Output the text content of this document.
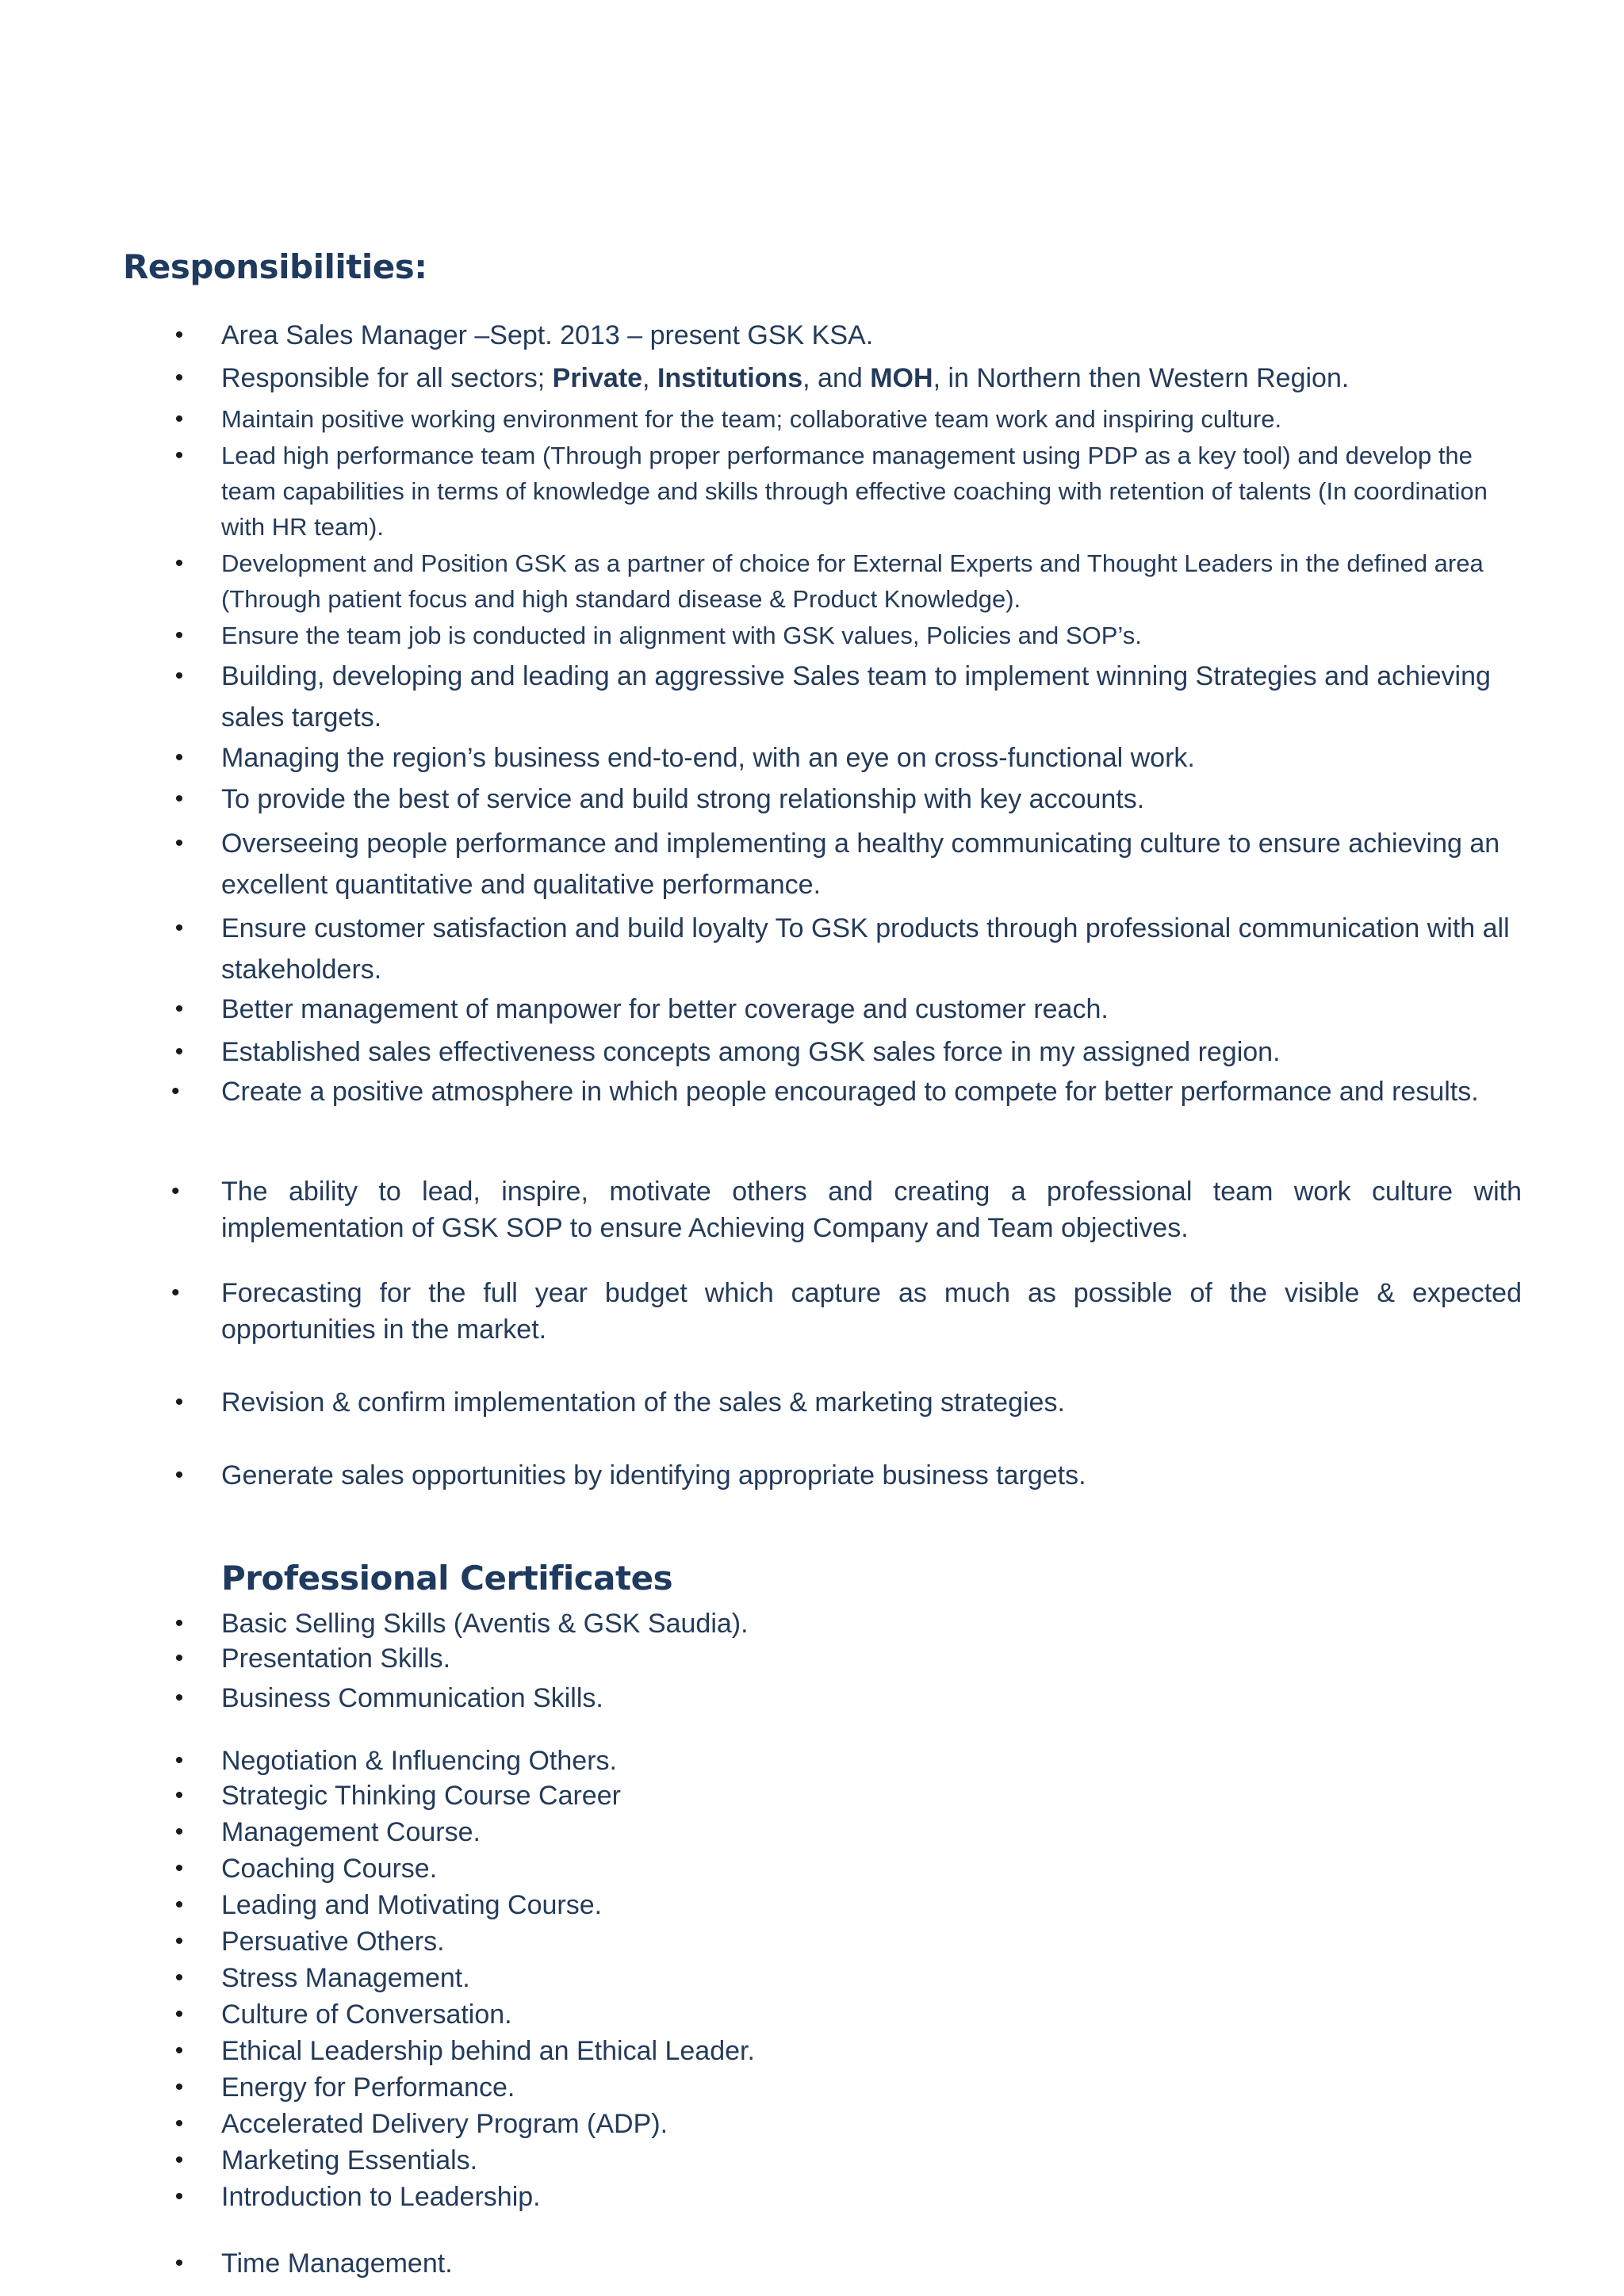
Responsibilities:
• Area Sales Manager –Sept. 2013 – present GSK KSA.
• Responsible for all sectors; Private, Institutions, and MOH, in Northern then Western Region.
• Maintain positive working environment for the team; collaborative team work and inspiring culture.
• Lead high performance team (Through proper performance management using PDP as a key tool) and develop the team capabilities in terms of knowledge and skills through effective coaching with retention of talents (In coordination with HR team).
• Development and Position GSK as a partner of choice for External Experts and Thought Leaders in the defined area (Through patient focus and high standard disease & Product Knowledge).
• Ensure the team job is conducted in alignment with GSK values, Policies and SOP’s.
• Building, developing and leading an aggressive Sales team to implement winning Strategies and achieving sales targets.
• Managing the region’s business end-to-end, with an eye on cross-functional work.
• To provide the best of service and build strong relationship with key accounts.
• Overseeing people performance and implementing a healthy communicating culture to ensure achieving an excellent quantitative and qualitative performance.
• Ensure customer satisfaction and build loyalty To GSK products through professional communication with all stakeholders.
• Better management of manpower for better coverage and customer reach.
• Established sales effectiveness concepts among GSK sales force in my assigned region.
• Create a positive atmosphere in which people encouraged to compete for better performance and results.
• The ability to lead, inspire, motivate others and creating a professional team work culture with implementation of GSK SOP to ensure Achieving Company and Team objectives.
• Forecasting for the full year budget which capture as much as possible of the visible & expected opportunities in the market.
• Revision & confirm implementation of the sales & marketing strategies.
• Generate sales opportunities by identifying appropriate business targets.
Professional Certificates
• Basic Selling Skills (Aventis & GSK Saudia).
• Presentation Skills.
• Business Communication Skills.
• Negotiation & Influencing Others.
• Strategic Thinking Course Career
• Management Course.
• Coaching Course.
• Leading and Motivating Course.
• Persuative Others.
• Stress Management.
• Culture of Conversation.
• Ethical Leadership behind an Ethical Leader.
• Energy for Performance.
• Accelerated Delivery Program (ADP).
• Marketing Essentials.
• Introduction to Leadership.
• Time Management.
